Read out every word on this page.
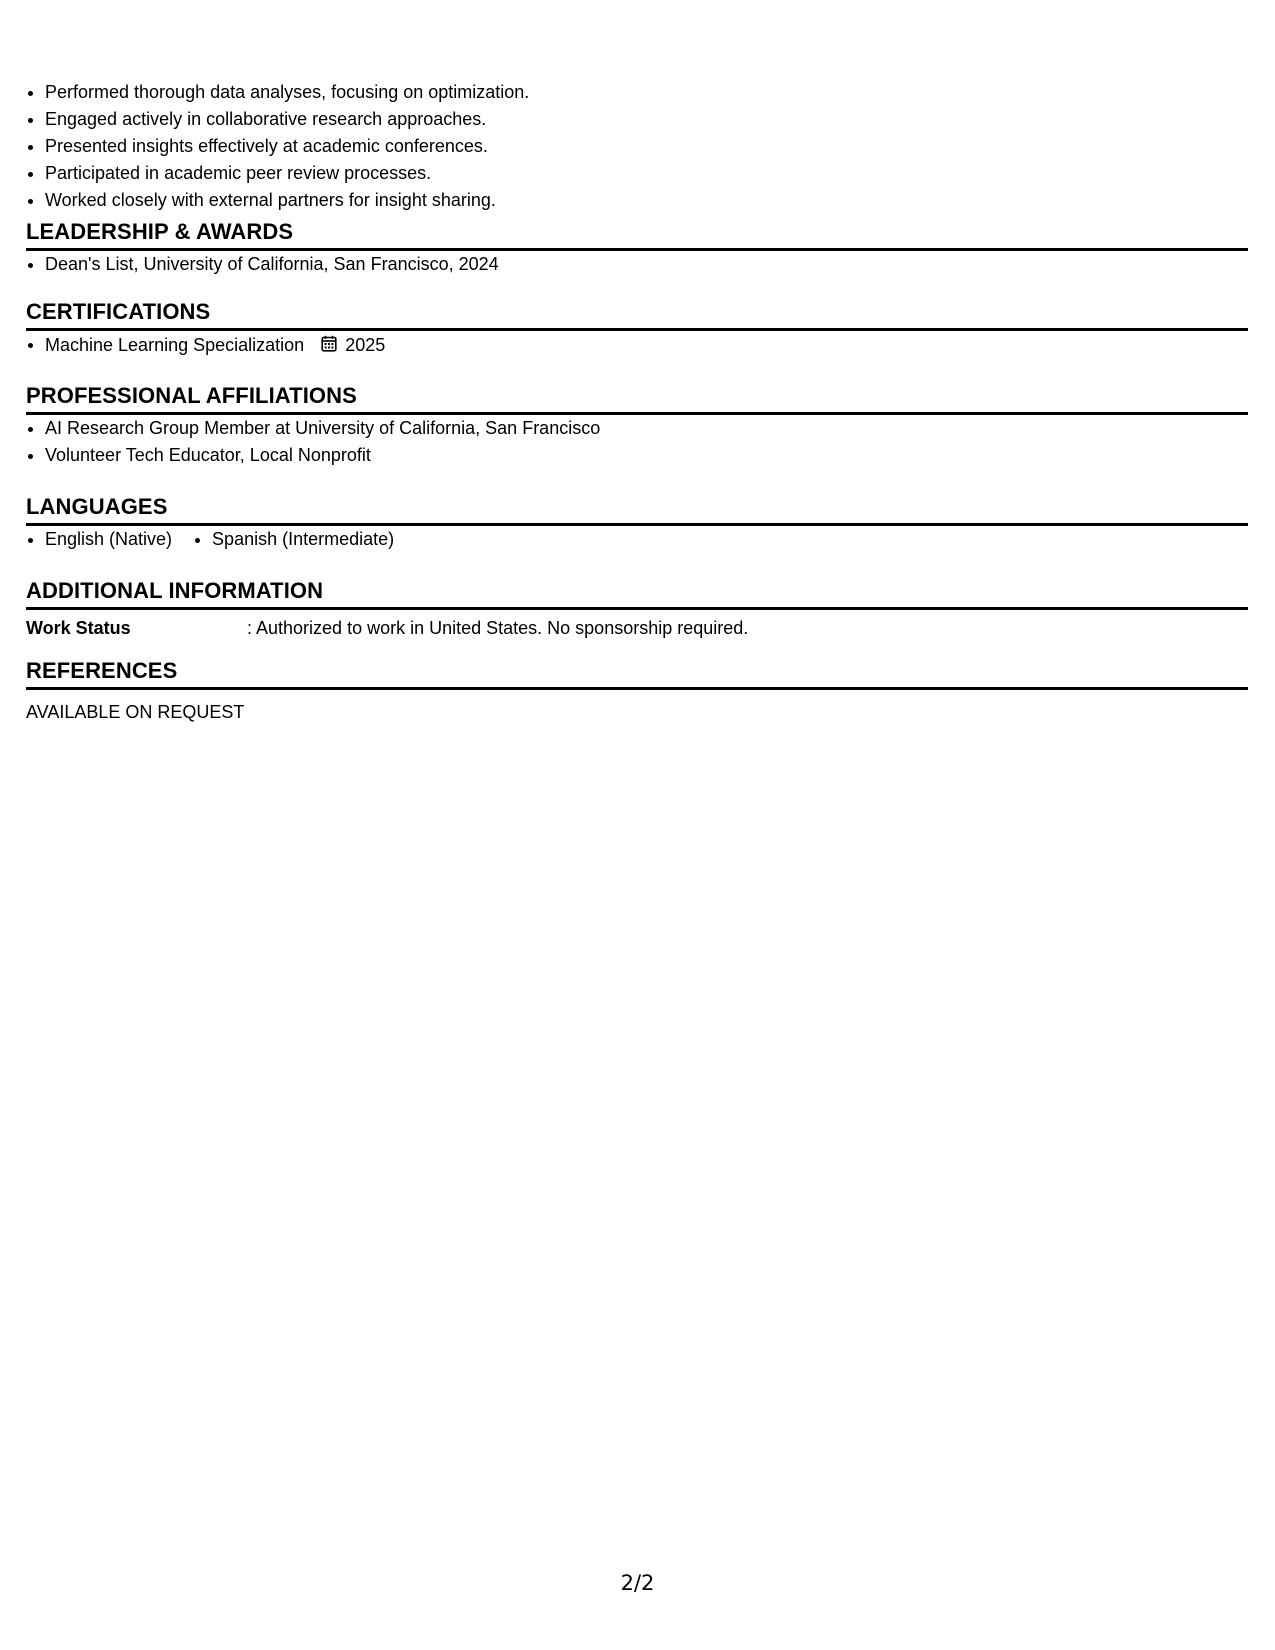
• Performed thorough data analyses, focusing on optimization.
• Engaged actively in collaborative research approaches.
• Presented insights effectively at academic conferences.
• Participated in academic peer review processes.
• Worked closely with external partners for insight sharing.
LEADERSHIP & AWARDS
• Dean's List, University of California, San Francisco, 2024
CERTIFICATIONS
• Machine Learning Specialization 2025
PROFESSIONAL AFFILIATIONS
• AI Research Group Member at University of California, San Francisco
• Volunteer Tech Educator, Local Nonprofit
LANGUAGES
• English (Native)
• Spanish (Intermediate)
ADDITIONAL INFORMATION
Work Status	: Authorized to work in United States. No sponsorship required.
REFERENCES
AVAILABLE ON REQUEST
2/2
